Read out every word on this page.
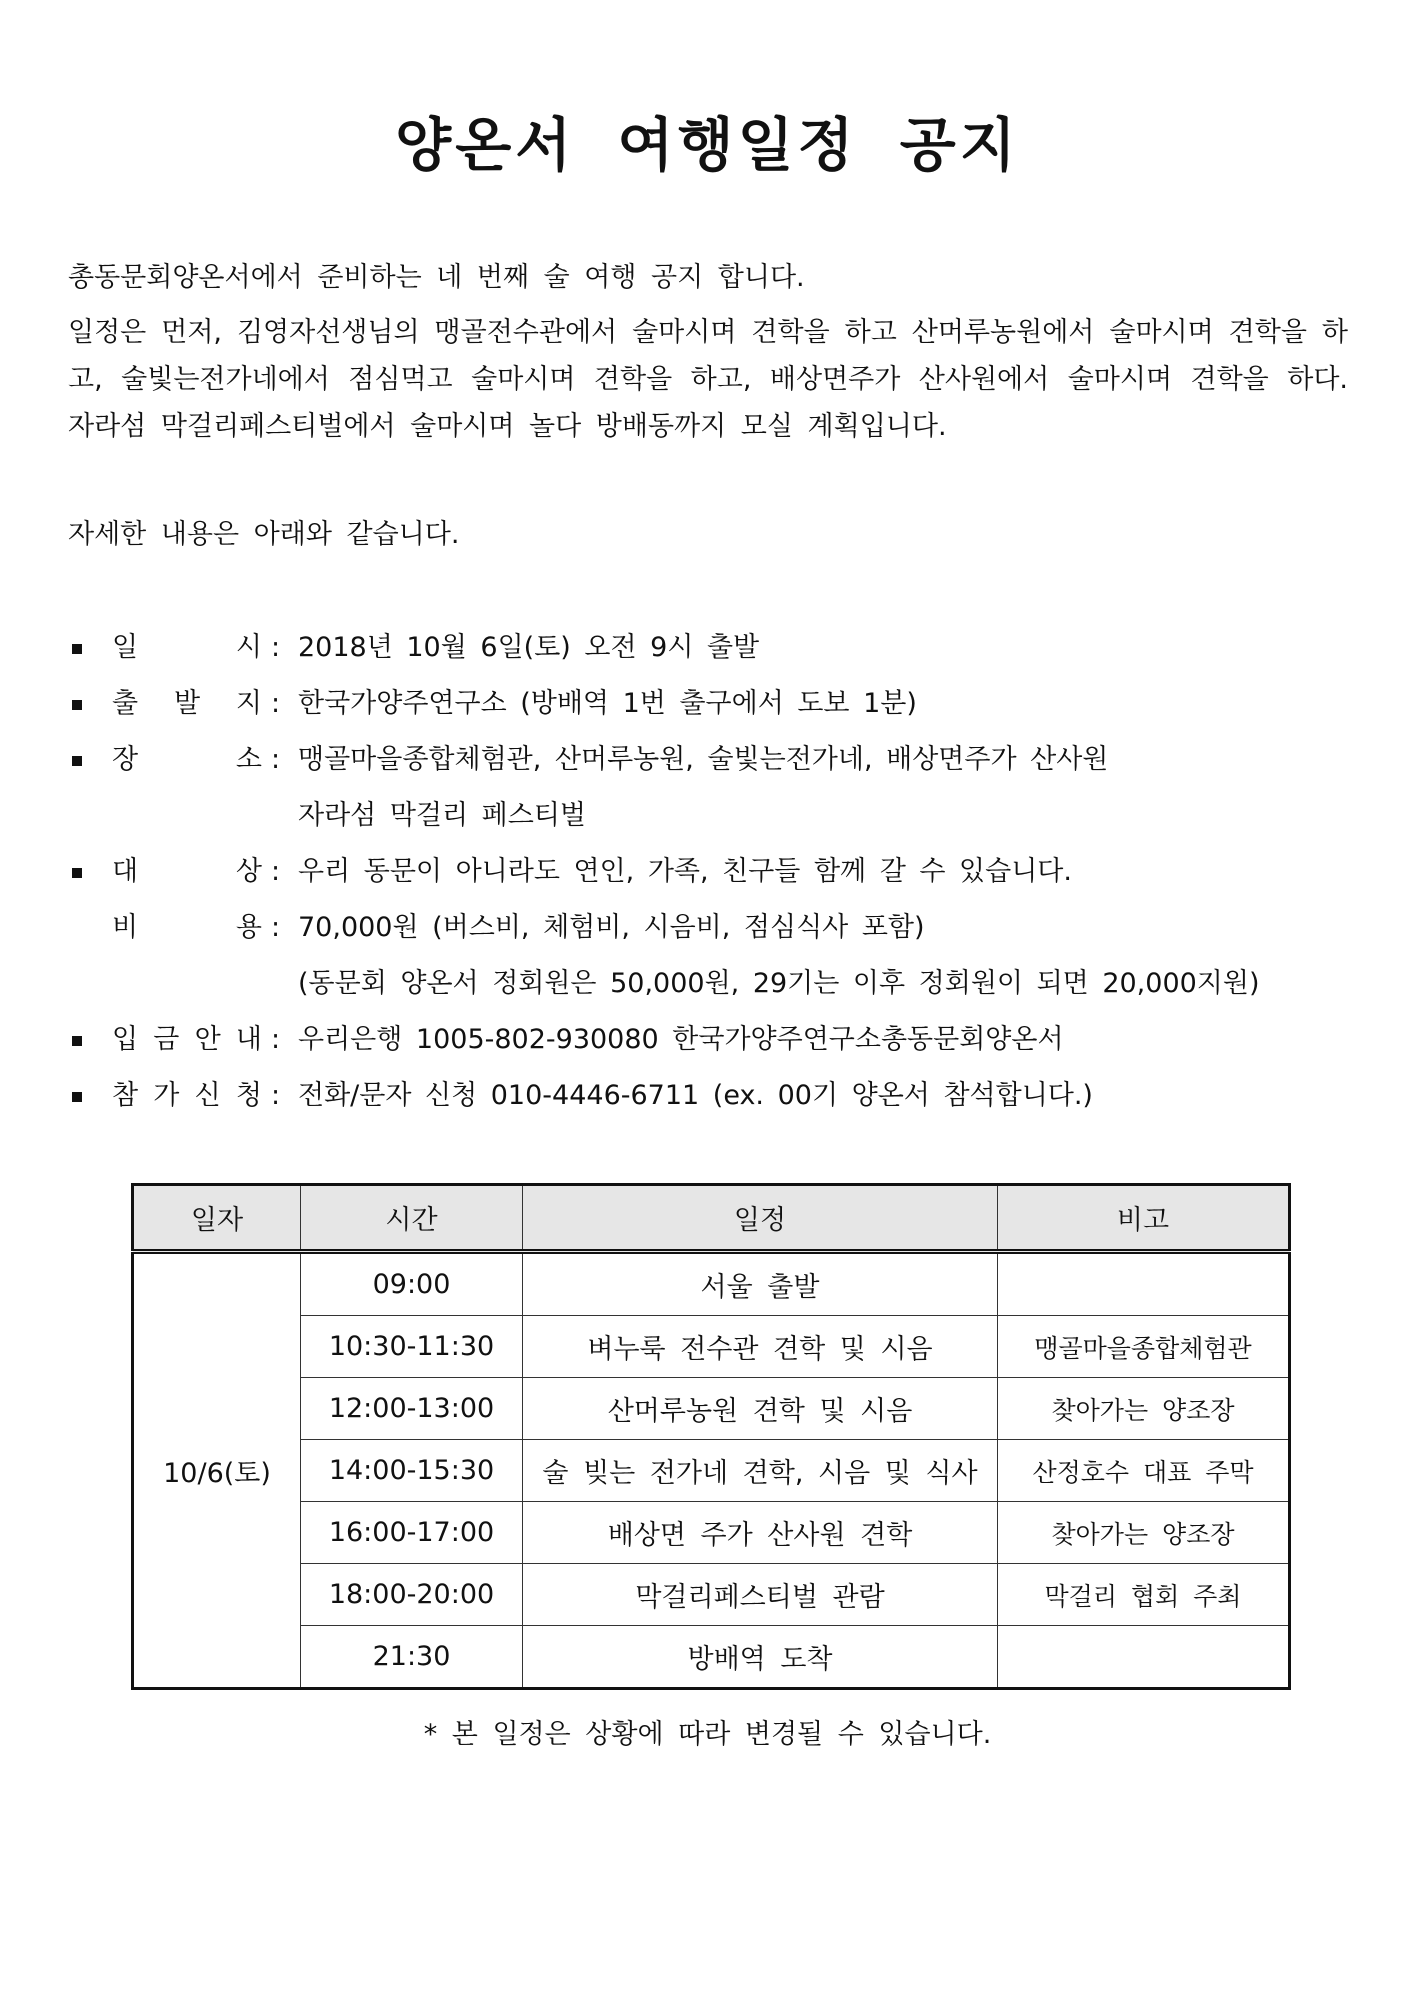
양온서 여행일정 공지

총동문회양온서에서 준비하는 네 번째 술 여행 공지 합니다.

일정은 먼저, 김영자선생님의 맹골전수관에서 술마시며 견학을 하고 산머루농원에서 술마시며 견학을 하고, 술빛는전가네에서 점심먹고 술마시며 견학을 하고, 배상면주가 산사원에서 술마시며 견학을 하다. 자라섬 막걸리페스티벌에서 술마시며 놀다 방배동까지 모실 계획입니다.

자세한 내용은 아래와 같습니다.

일	시 : 2018년 10월 6일(토) 오전 9시 출발
출 발 지 : 한국가양주연구소 (방배역 1번 출구에서 도보 1분)
장	소 : 맹골마을종합체험관, 산머루농원, 술빛는전가네, 배상면주가 산사원
자라섬 막걸리 페스티벌
대	상 : 우리 동문이 아니라도 연인, 가족, 친구들 함께 갈 수 있습니다.
비	용 : 70,000원 (버스비, 체험비, 시음비, 점심식사 포함)
(동문회 양온서 정회원은 50,000원, 29기는 이후 정회원이 되면 20,000지원)
입 금 안 내 : 우리은행 1005-802-930080 한국가양주연구소총동문회양온서
참 가 신 청 : 전화/문자 신청 010-4446-6711 (ex. 00기 양온서 참석합니다.)
일자	시간	일정	비고
10/6(토)	09:00	서울 출발	
	10:30-11:30	벼누룩 전수관 견학 및 시음	맹골마을종합체험관
	12:00-13:00	산머루농원 견학 및 시음	찾아가는 양조장
	14:00-15:30	술 빚는 전가네 견학, 시음 및 식사	산정호수 대표 주막
	16:00-17:00	배상면 주가 산사원 견학	찾아가는 양조장
	18:00-20:00	막걸리페스티벌 관람	막걸리 협회 주최
	21:30	방배역 도착	

* 본 일정은 상황에 따라 변경될 수 있습니다.
